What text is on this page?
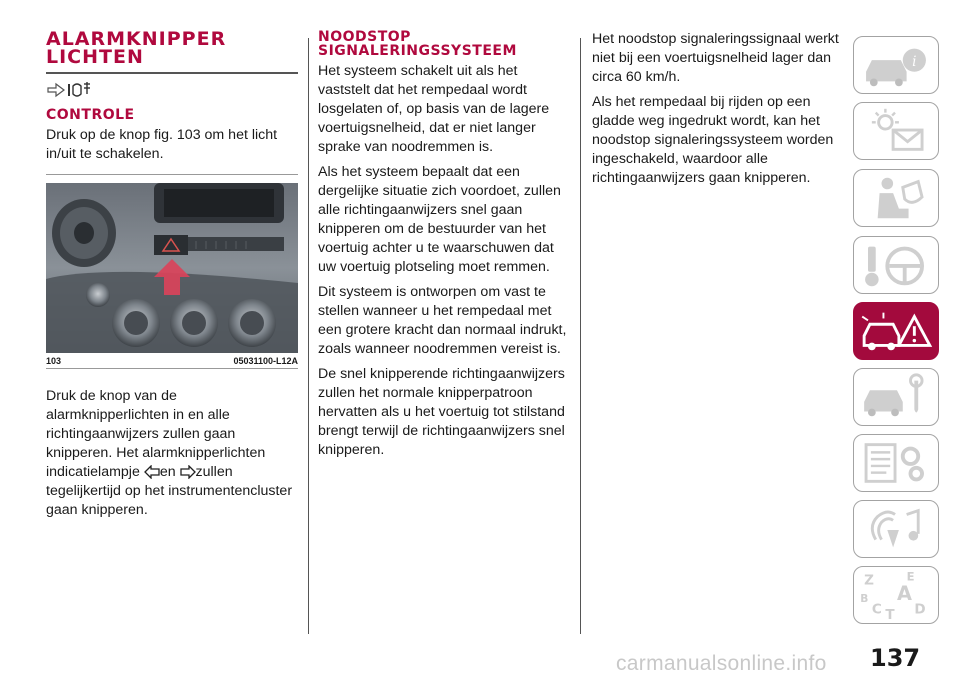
ALARMKNIPPER
LICHTEN
CONTROLE

Druk op de knop fig. 103 om het licht in/uit te schakelen.

103	05031100-L12A

Druk de knop van de alarmknipperlichten in en alle richtingaanwijzers zullen gaan knipperen. Het alarmknipperlichten indicatielampje en zullen tegelijkertijd op het instrumentencluster gaan knipperen.

NOODSTOP
SIGNALERINGSSYSTEEM

Het systeem schakelt uit als het vaststelt dat het rempedaal wordt losgelaten of, op basis van de lagere voertuigsnelheid, dat er niet langer sprake van noodremmen is.

Als het systeem bepaalt dat een dergelijke situatie zich voordoet, zullen alle richtingaanwijzers snel gaan knipperen om de bestuurder van het voertuig achter u te waarschuwen dat uw voertuig plotseling moet remmen.

Dit systeem is ontworpen om vast te stellen wanneer u het rempedaal met een grotere kracht dan normaal indrukt, zoals wanneer noodremmen vereist is.

De snel knipperende richtingaanwijzers zullen het normale knipperpatroon hervatten als u het voertuig tot stilstand brengt terwijl de richtingaanwijzers snel knipperen.

Het noodstop signaleringssignaal werkt niet bij een voertuigsnelheid lager dan circa 60 km/h.

Als het rempedaal bij rijden op een gladde weg ingedrukt wordt, kan het noodstop signaleringssysteem worden ingeschakeld, waardoor alle richtingaanwijzers gaan knipperen.

i
Z	E
B A
C T D
carmanualsonline.info 137
